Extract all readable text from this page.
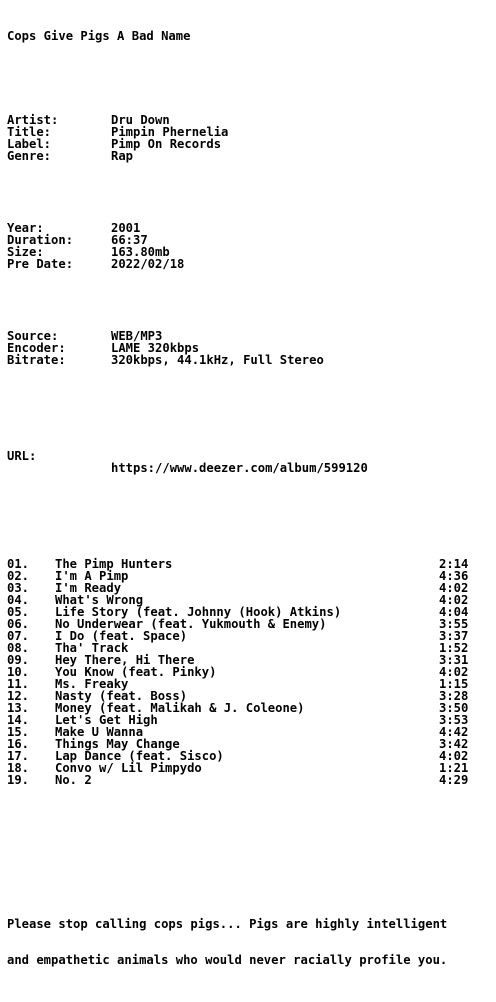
Cops Give Pigs A Bad Name

Artist:	Dru Down
Title:	Pimpin Phernelia
Label:	Pimp On Records
Genre:	Rap

Year:	2001
Duration:	66:37
Size:	163.80mb
Pre Date:	2022/02/18

Source:	WEB/MP3
Encoder:	LAME 320kbps
Bitrate:	320kbps, 44.1kHz, Full Stereo

URL:

https://www.deezer.com/album/599120

01. The Pimp Hunters	2:14
02. I'm A Pimp	4:36
03. I'm Ready	4:02
04. What's Wrong	4:02
05. Life Story (feat. Johnny (Hook) Atkins)	4:04
06. No Underwear (feat. Yukmouth & Enemy)	3:55
07. I Do (feat. Space)	3:37
08. Tha' Track	1:52
09. Hey There, Hi There	3:31
10. You Know (feat. Pinky)	4:02
11. Ms. Freaky	1:15
12. Nasty (feat. Boss)	3:28
13. Money (feat. Malikah & J. Coleone)	3:50
14. Let's Get High	3:53
15. Make U Wanna	4:42
16. Things May Change	3:42
17. Lap Dance (feat. Sisco)	4:02
18. Convo w/ Lil Pimpydo	1:21
19. No. 2	4:29

Please stop calling cops pigs... Pigs are highly intelligent

and empathetic animals who would never racially profile you.
